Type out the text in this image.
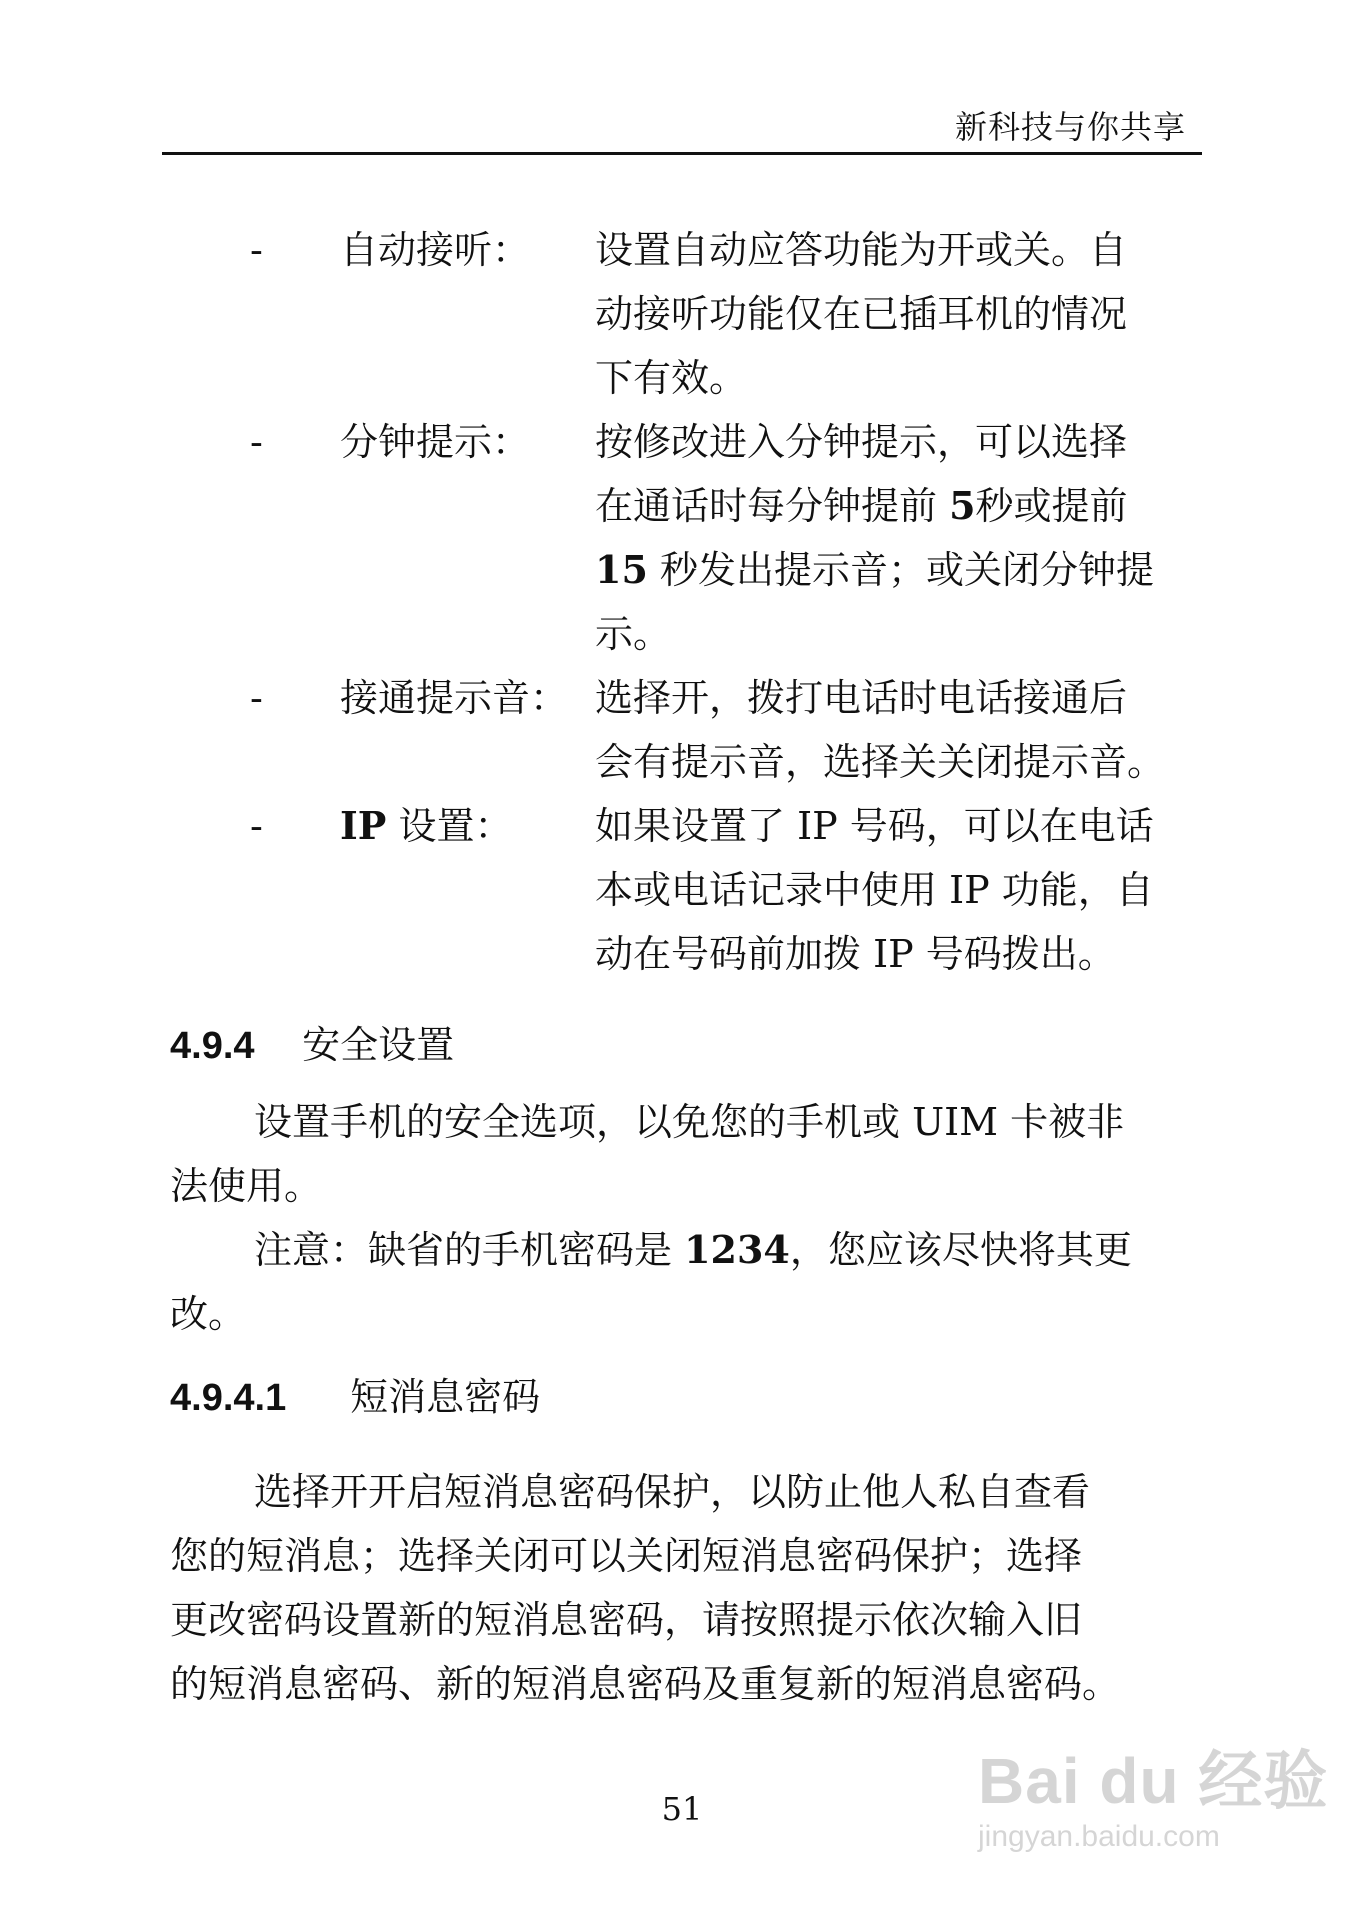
新科技与你共享
- 自动接听： 设置自动应答功能为开或关。自
动接听功能仅在已插耳机的情况
下有效。
- 分钟提示： 按修改进入分钟提示，可以选择
在通话时每分钟提前 5秒或提前
15 秒发出提示音；或关闭分钟提
示。
- 接通提示音： 选择开，拨打电话时电话接通后
会有提示音，选择关关闭提示音。
- IP 设置： 如果设置了 IP 号码，可以在电话
本或电话记录中使用 IP 功能，自
动在号码前加拨 IP 号码拨出。
4.9.4 安全设置
设置手机的安全选项，以免您的手机或 UIM 卡被非
法使用。
注意：缺省的手机密码是 1234，您应该尽快将其更
改。
4.9.4.1 短消息密码
选择开开启短消息密码保护，以防止他人私自查看
您的短消息；选择关闭可以关闭短消息密码保护；选择
更改密码设置新的短消息密码，请按照提示依次输入旧
的短消息密码、新的短消息密码及重复新的短消息密码。
51	Bai du 经验
jingyan.baidu.com
